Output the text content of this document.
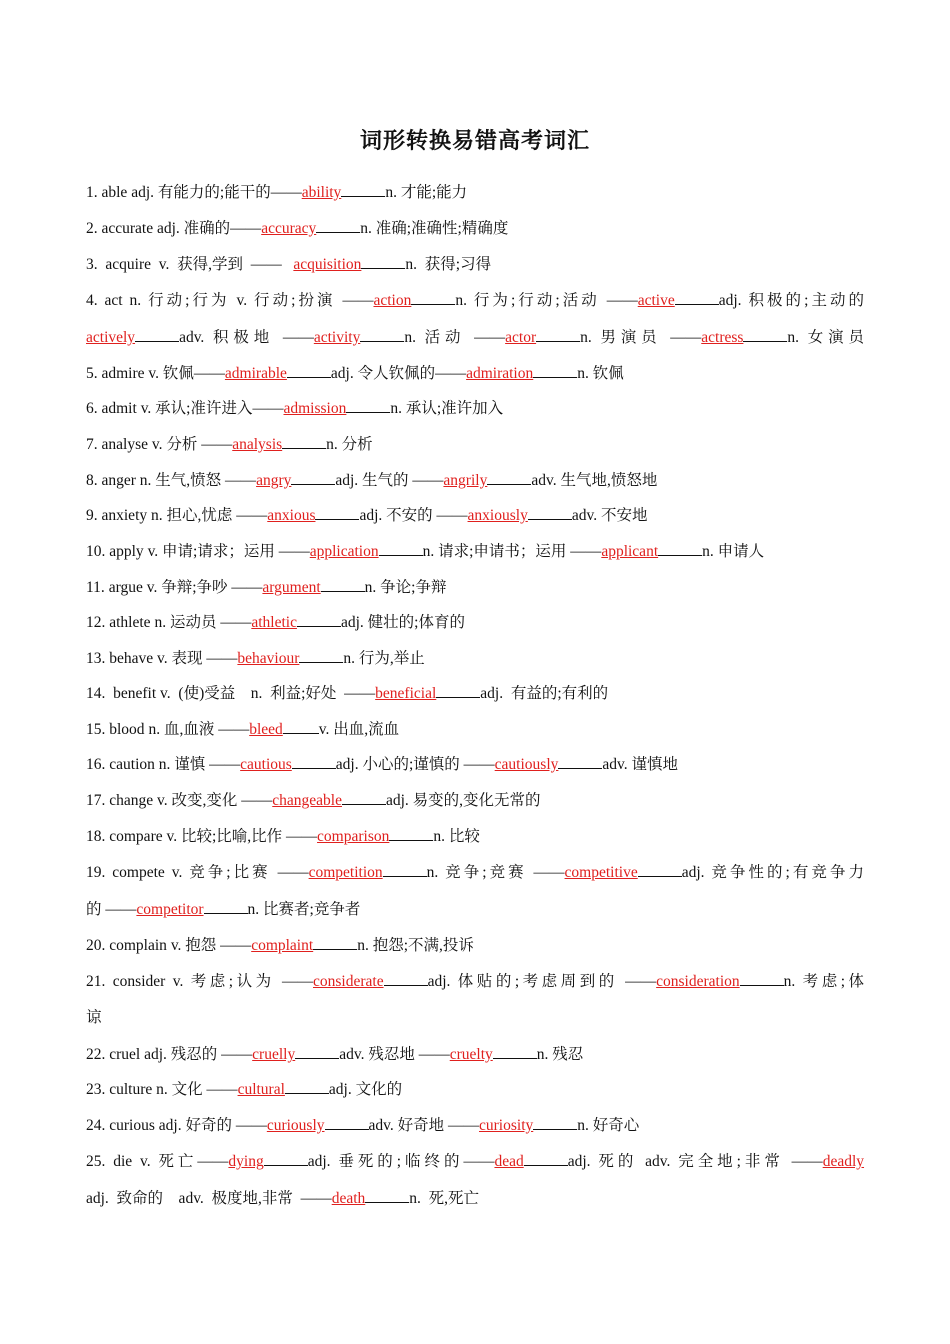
词形转换易错高考词汇
1. able adj. 有能力的;能干的——ability	n. 才能;能力
2. accurate adj. 准确的——accuracy	n. 准确;准确性;精确度
3. acquire v.  获得,学到  ——   acquisition	n.  获得;习得
4. act n. 行动;行为 v. 行动;扮演 ——action	n. 行为;行动;活动 ——active	adj. 积极的;主动的
actively	adv. 积极地 ——activity	n. 活动 ——actor	n. 男演员 ——actress	n. 女演员
5. admire v. 钦佩——admirable	adj. 令人钦佩的——admiration	n. 钦佩
6. admit v. 承认;准许进入——admission	n. 承认;准许加入
7. analyse v. 分析 ——analysis	n. 分析
8. anger n. 生气,愤怒 ——angry	adj. 生气的 ——angrily	adv. 生气地,愤怒地
9. anxiety n. 担心,忧虑 ——anxious	adj. 不安的 ——anxiously	adv. 不安地
10. apply v. 申请;请求；运用 ——application	n. 请求;申请书；运用 ——applicant	n. 申请人
11. argue v. 争辩;争吵 ——argument	n. 争论;争辩
12. athlete n. 运动员 ——athletic	adj. 健壮的;体育的
13. behave v. 表现 ——behaviour	n. 行为,举止
14. benefit v.  (使)受益    n.  利益;好处  ——beneficial	adj.  有益的;有利的
15. blood n. 血,血液 ——bleed v. 出血,流血
16. caution n. 谨慎 ——cautious	adj. 小心的;谨慎的 ——cautiously	adv. 谨慎地
17. change v. 改变,变化 ——changeable	adj. 易变的,变化无常的
18. compare v. 比较;比喻,比作 ——comparison	n. 比较
19. compete v. 竞争;比赛 ——competition	n. 竞争;竞赛 ——competitive	adj. 竞争性的;有竞争力
的 ——competitor	n. 比赛者;竞争者
20. complain v. 抱怨 ——complaint	n. 抱怨;不满,投诉
21. consider v. 考虑;认为 ——considerate	adj. 体贴的;考虑周到的 ——consideration	n. 考虑;体
谅
22. cruel adj. 残忍的 ——cruelly	adv. 残忍地 ——cruelty	n. 残忍
23. culture n. 文化 ——cultural	adj. 文化的
24. curious adj. 好奇的 ——curiously	adv. 好奇地 ——curiosity	n. 好奇心
25. die v. 死亡——dying	adj. 垂死的;临终的——dead	adj. 死的 adv. 完全地;非常 ——deadly
adj.  致命的    adv.  极度地,非常  ——death	n.  死,死亡
